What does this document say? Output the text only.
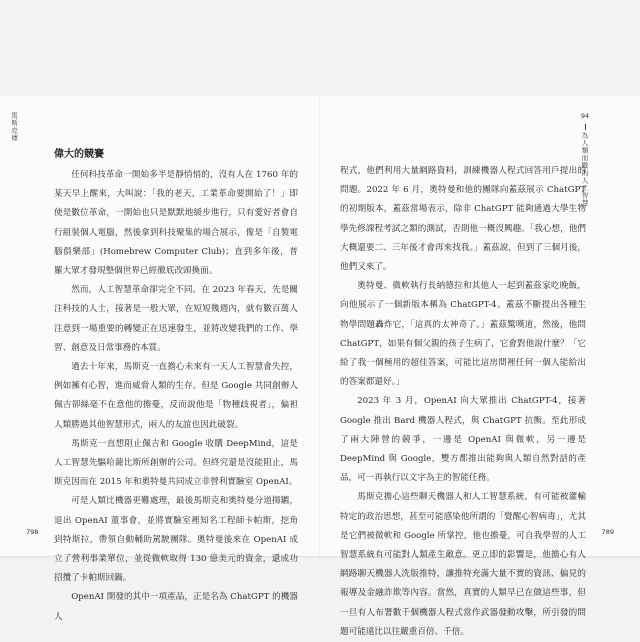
馬斯克傳
偉大的競賽

任何科技革命一開始多半是靜悄悄的，沒有人在 1760 年的某天早上醒來，大叫說：「我的老天，工業革命要開始了！」即使是數位革命，一開始也只是默默地緩步進行，只有愛好者會自行組裝個人電腦，然後拿到科技聚集的場合展示，像是「自製電腦俱樂部」(Homebrew Computer Club)；直到多年後，普羅大眾才發現整個世界已經徹底改頭換面。

然而，人工智慧革命卻完全不同。在 2023 年春天，先是關注科技的人士，接著是一般大眾，在短短幾週內，就有數百萬人注意到一場重要的轉變正在迅速發生，並將改變我們的工作、學習、創意及日常事務的本質。

過去十年來，馬斯克一直擔心未來有一天人工智慧會失控，例如擁有心智，進而威脅人類的生存。但是 Google 共同創辦人佩吉卻絲毫不在意他的擔憂，反而說他是「物種歧視者」，偏袒人類勝過其他智慧形式，兩人的友誼也因此破裂。

馬斯克一直想阻止佩吉和 Google 收購 DeepMind，這是人工智慧先驅哈薩比斯所創辦的公司。但終究還是沒能阻止，馬斯克因而在 2015 年和奧特曼共同成立非營利實驗室 OpenAI。

可是人類比機器更難處理，最後馬斯克和奧特曼分道揚鑣，退出 OpenAI 董事會，並將實驗室裡知名工程師卡帕斯，挖角到特斯拉，帶領自動輔助駕駛團隊。奧特曼後來在 OpenAI 成立了營利事業單位，並從微軟取得 130 億美元的資金，還成功招攬了卡帕斯回鍋。

OpenAI 開發的其中一項產品，正是名為 ChatGPT 的機器人

798
94
為人類而戰的人工智慧

程式，他們利用大量網路資料，訓練機器人程式回答用戶提出的問題。2022 年 6 月，奧特曼和他的團隊向蓋茲展示 ChatGPT 的初期版本，蓋茲當場表示，除非 ChatGPT 能夠通過大學生物學先修課程考試之類的測試，否則他一概沒興趣。「我心想，他們大概還要二、三年後才會再來找我。」蓋茲說，但到了三個月後，他們又來了。

奧特曼、微軟執行長納德拉和其他人一起到蓋茲家吃晚飯，向他展示了一個新版本稱為 ChatGPT-4。蓋茲不斷提出各種生物學問題轟炸它，「這真的太神奇了。」蓋茲驚嘆道，然後，他問 ChatGPT，如果有個父親的孩子生病了，它會對他說什麼？「它給了我一個極用的超佳答案，可能比這房間裡任何一個人能給出的答案都還好。」

2023 年 3 月，OpenAI 向大眾推出 ChatGPT-4，接著 Google 推出 Bard 機器人程式，與 ChatGPT 抗衡。至此形成了兩大陣營的競爭，一邊是 OpenAI 與微軟，另一邊是 DeepMind 與 Google，雙方都推出能夠與人類自然對話的產品，可一再執行以文字為主的智能任務。

馬斯克擔心這些聊天機器人和人工智慧系統，有可能被灌輸特定的政治思想，甚至可能感染他所謂的「覺醒心智病毒」，尤其是它們被微軟和 Google 所掌控，他也擔憂，可自我學習的人工智慧系統有可能對人類產生敵意。更立即的影響是，他擔心有人網路聊天機器人洗版推特，讓推特充滿大量不實的資訊、偏見的報導及金融詐欺等內容。當然，真實的人類早已在做這些事，但一旦有人布署數千個機器人程式當作武器發動攻擊，所引發的問題可能遠比以往嚴重百倍、千倍。

789
